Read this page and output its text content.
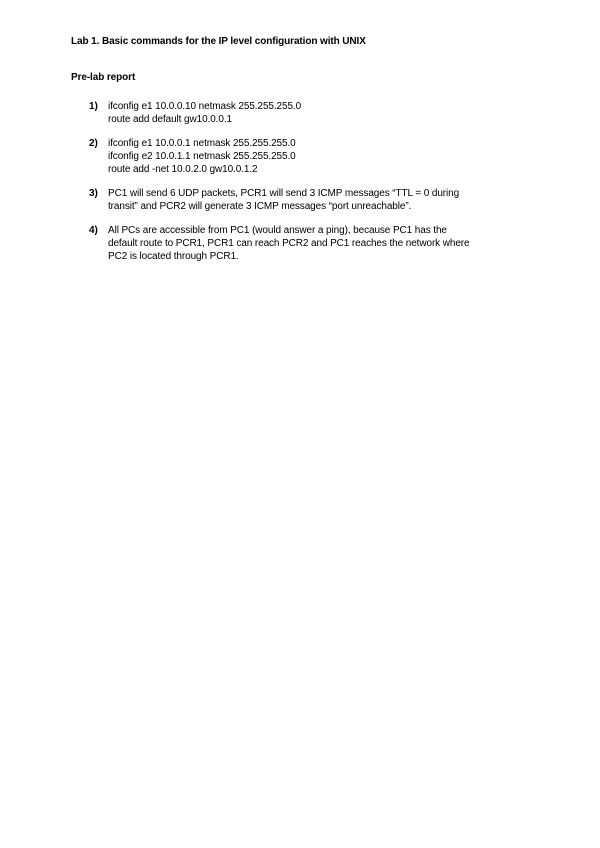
Lab 1. Basic commands for the IP level configuration with UNIX
Pre-lab report
1) ifconfig e1 10.0.0.10 netmask 255.255.255.0
route add default gw10.0.0.1
2) ifconfig e1 10.0.0.1 netmask 255.255.255.0
ifconfig e2 10.0.1.1 netmask 255.255.255.0
route add -net 10.0.2.0 gw10.0.1.2
3) PC1 will send 6 UDP packets, PCR1 will send 3 ICMP messages “TTL = 0 during
transit” and PCR2 will generate 3 ICMP messages “port unreachable”.
4) All PCs are accessible from PC1 (would answer a ping), because PC1 has the
default route to PCR1, PCR1 can reach PCR2 and PC1 reaches the network where
PC2 is located through PCR1.
